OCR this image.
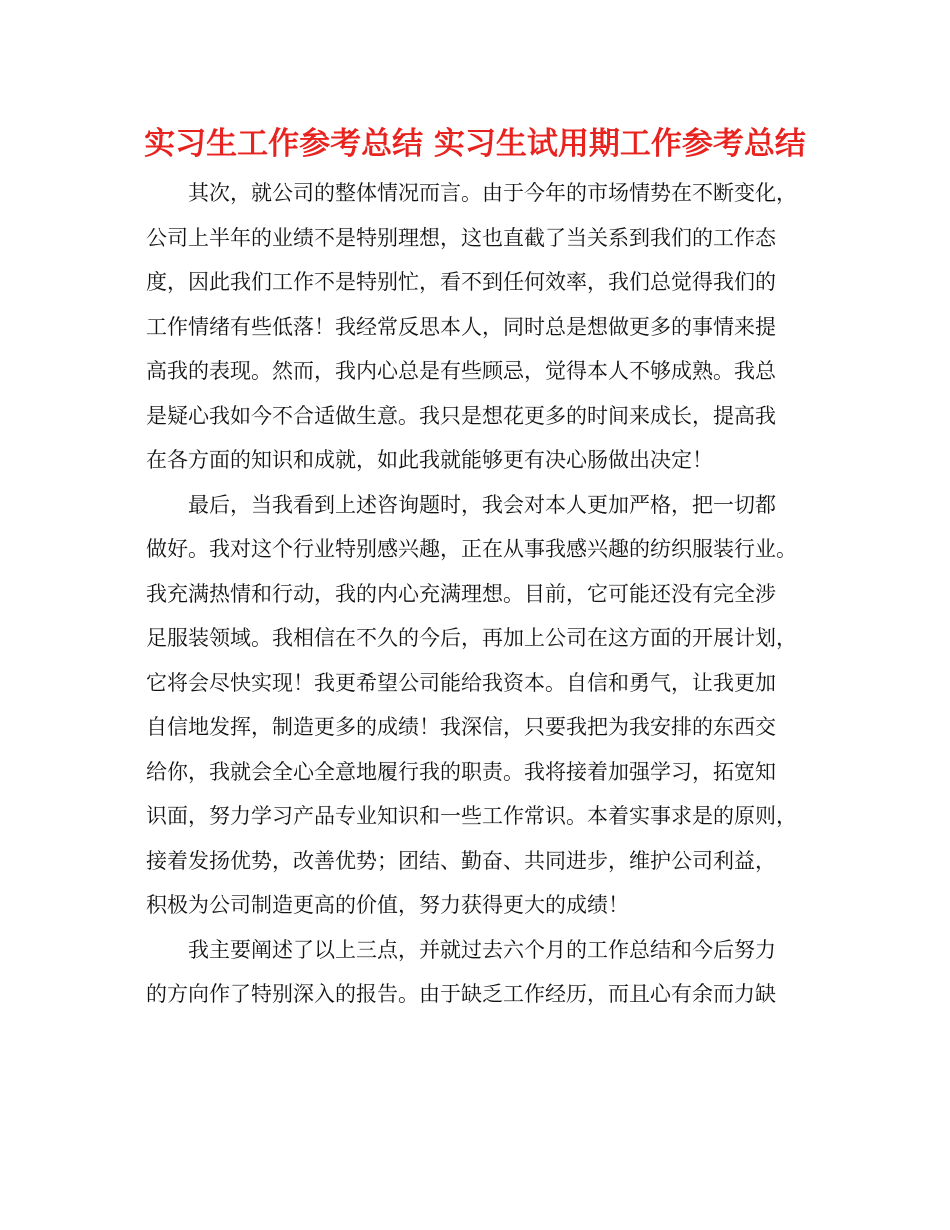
实习生工作参考总结 实习生试用期工作参考总结
其次，就公司的整体情况而言。由于今年的市场情势在不断变化，
公司上半年的业绩不是特别理想，这也直截了当关系到我们的工作态
度，因此我们工作不是特别忙，看不到任何效率，我们总觉得我们的
工作情绪有些低落！我经常反思本人，同时总是想做更多的事情来提
高我的表现。然而，我内心总是有些顾忌，觉得本人不够成熟。我总
是疑心我如今不合适做生意。我只是想花更多的时间来成长，提高我
在各方面的知识和成就，如此我就能够更有决心肠做出决定！
最后，当我看到上述咨询题时，我会对本人更加严格，把一切都
做好。我对这个行业特别感兴趣，正在从事我感兴趣的纺织服装行业。
我充满热情和行动，我的内心充满理想。目前，它可能还没有完全涉
足服装领域。我相信在不久的今后，再加上公司在这方面的开展计划，
它将会尽快实现！我更希望公司能给我资本。自信和勇气，让我更加
自信地发挥，制造更多的成绩！我深信，只要我把为我安排的东西交
给你，我就会全心全意地履行我的职责。我将接着加强学习，拓宽知
识面，努力学习产品专业知识和一些工作常识。本着实事求是的原则，
接着发扬优势，改善优势；团结、勤奋、共同进步，维护公司利益，
积极为公司制造更高的价值，努力获得更大的成绩！
我主要阐述了以上三点，并就过去六个月的工作总结和今后努力
的方向作了特别深入的报告。由于缺乏工作经历，而且心有余而力缺
